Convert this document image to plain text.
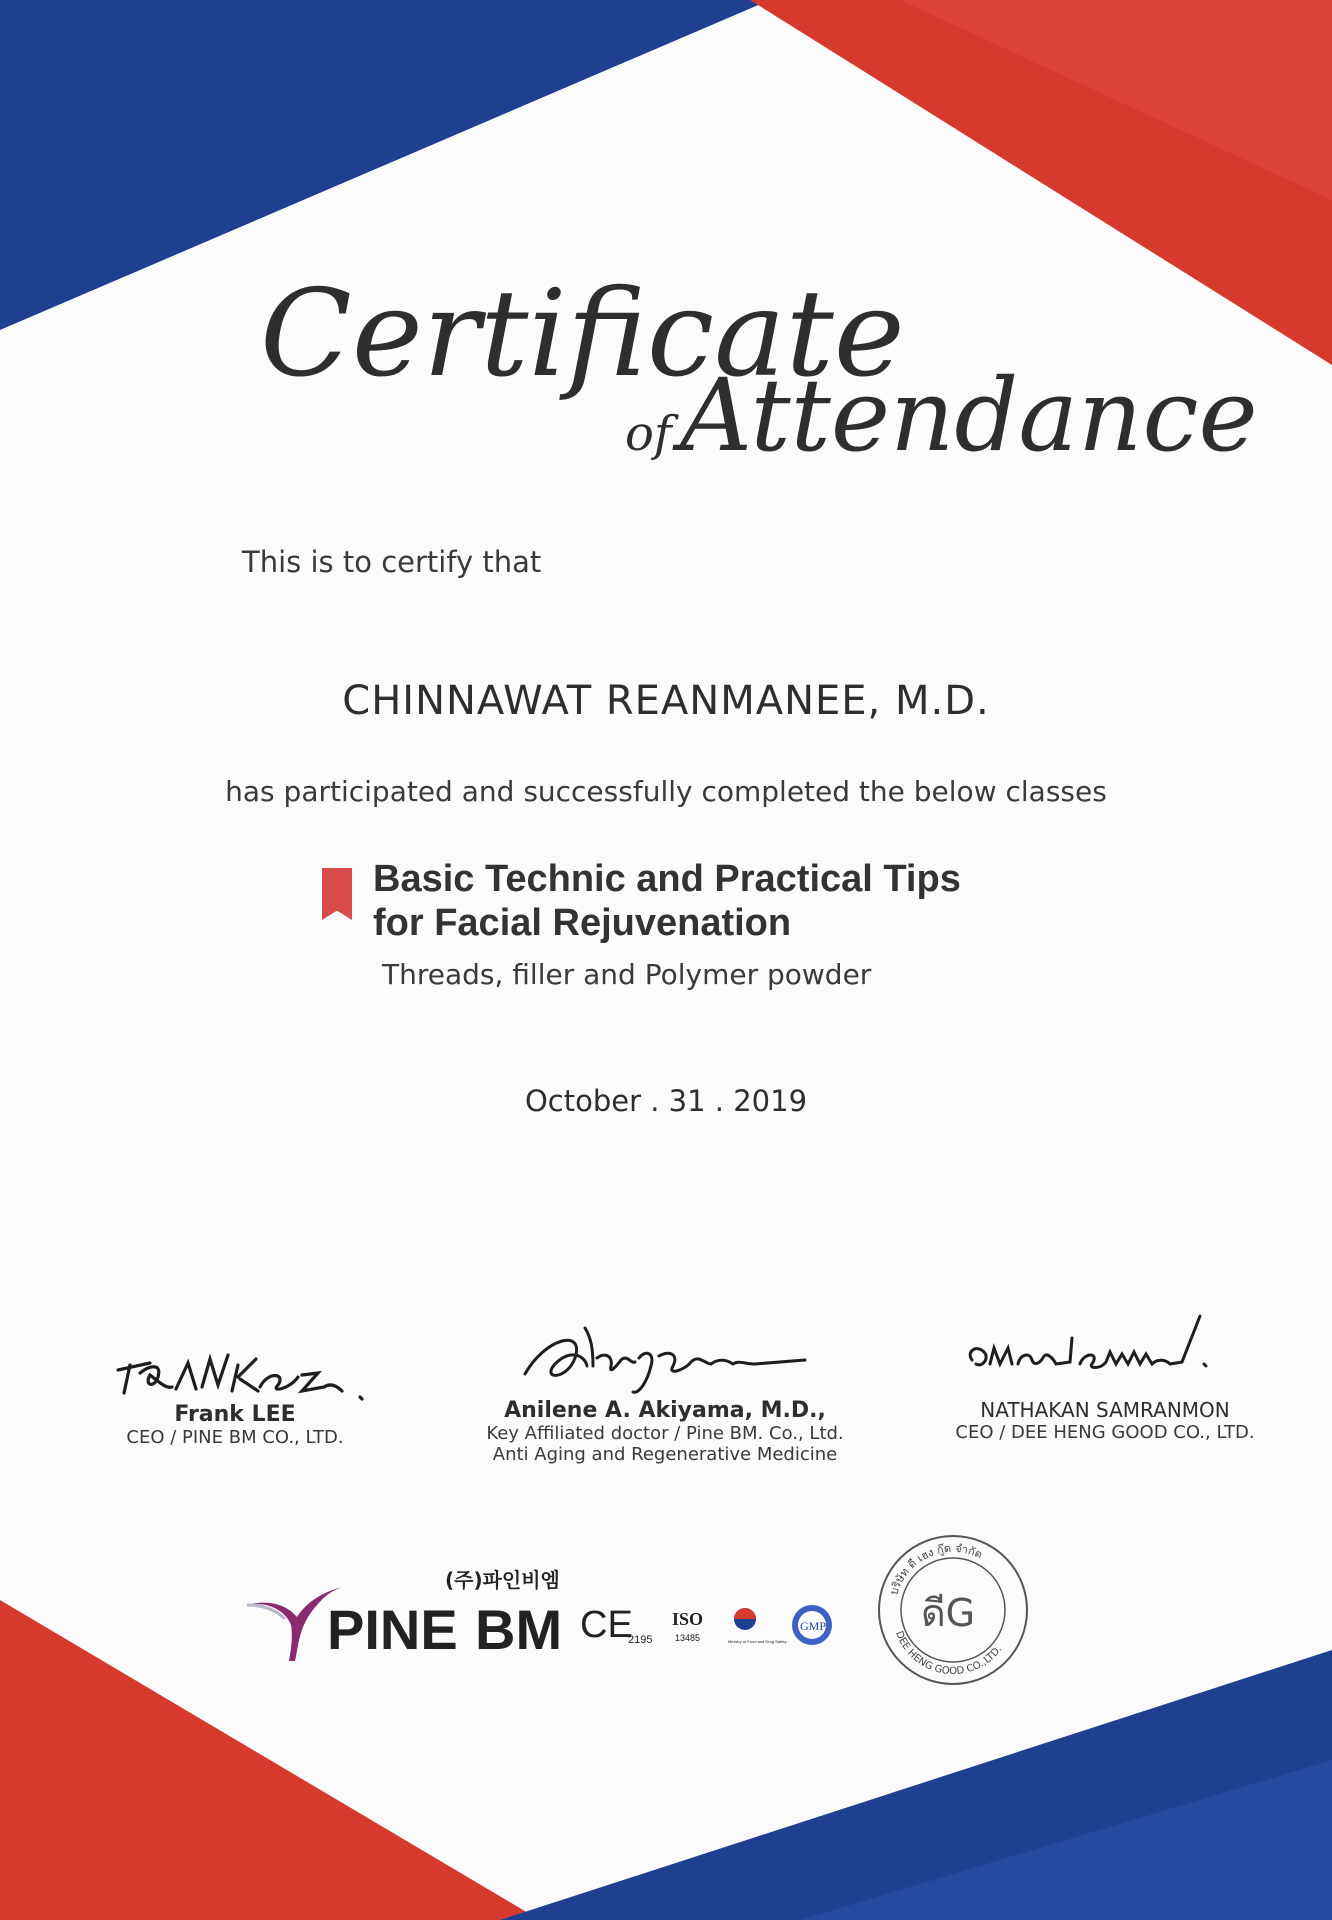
Certificate
of Attendance
This is to certify that
CHINNAWAT REANMANEE, M.D.
has participated and successfully completed the below classes
Basic Technic and Practical Tips
for Facial Rejuvenation
Threads, filler and Polymer powder
October . 31 . 2019
Frank LEE
CEO / PINE BM CO., LTD.
Anilene A. Akiyama, M.D.,
Key Affiliated doctor / Pine BM. Co., Ltd.
Anti Aging and Regenerative Medicine
NATHAKAN SAMRANMON
CEO / DEE HENG GOOD CO., LTD.
(주)파인비엠
PINE BM CE
2195
ISO
13485	Ministry of Food and Drug Safety
GMP
บริษัท ดี เฮง กู๊ด จำกัด
DEE HENG GOOD CO.,LTD.
ดีG
